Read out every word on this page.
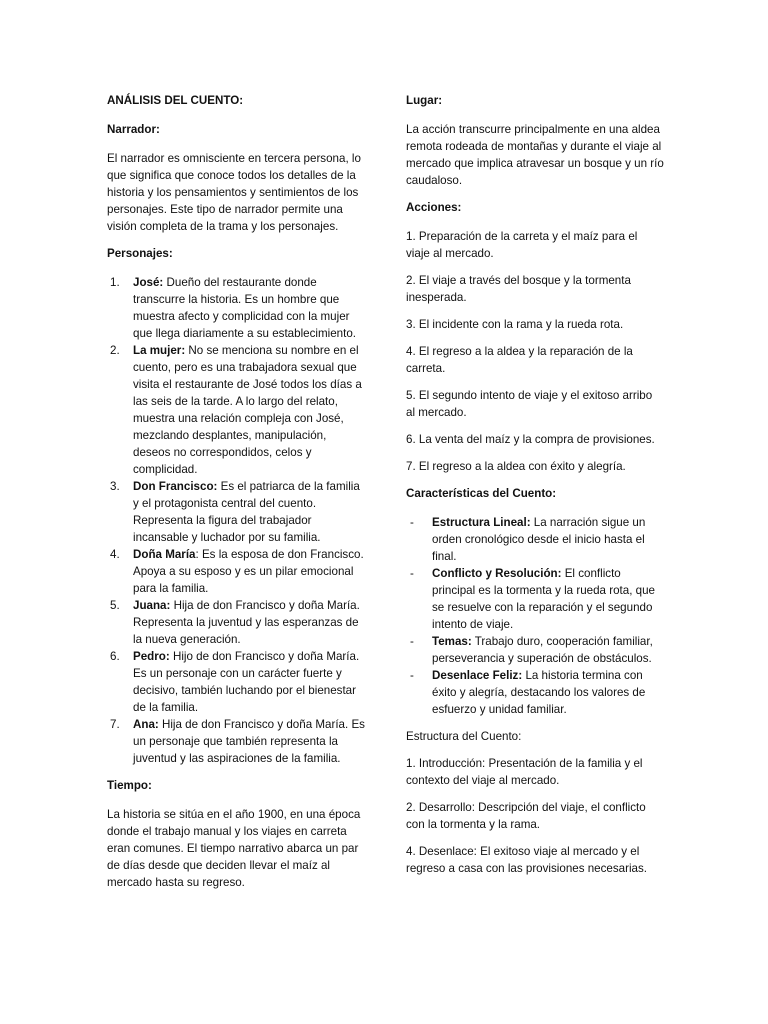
ANÁLISIS DEL CUENTO:
Narrador:
El narrador es omnisciente en tercera persona, lo que significa que conoce todos los detalles de la historia y los pensamientos y sentimientos de los personajes. Este tipo de narrador permite una visión completa de la trama y los personajes.
Personajes:
1. José: Dueño del restaurante donde transcurre la historia. Es un hombre que muestra afecto y complicidad con la mujer que llega diariamente a su establecimiento.
2. La mujer: No se menciona su nombre en el cuento, pero es una trabajadora sexual que visita el restaurante de José todos los días a las seis de la tarde. A lo largo del relato, muestra una relación compleja con José, mezclando desplantes, manipulación, deseos no correspondidos, celos y complicidad.
3. Don Francisco: Es el patriarca de la familia y el protagonista central del cuento. Representa la figura del trabajador incansable y luchador por su familia.
4. Doña María: Es la esposa de don Francisco. Apoya a su esposo y es un pilar emocional para la familia.
5. Juana: Hija de don Francisco y doña María. Representa la juventud y las esperanzas de la nueva generación.
6. Pedro: Hijo de don Francisco y doña María. Es un personaje con un carácter fuerte y decisivo, también luchando por el bienestar de la familia.
7. Ana: Hija de don Francisco y doña María. Es un personaje que también representa la juventud y las aspiraciones de la familia.
Tiempo:
La historia se sitúa en el año 1900, en una época donde el trabajo manual y los viajes en carreta eran comunes. El tiempo narrativo abarca un par de días desde que deciden llevar el maíz al mercado hasta su regreso.
Lugar:
La acción transcurre principalmente en una aldea remota rodeada de montañas y durante el viaje al mercado que implica atravesar un bosque y un río caudaloso.
Acciones:
1. Preparación de la carreta y el maíz para el viaje al mercado.
2. El viaje a través del bosque y la tormenta inesperada.
3. El incidente con la rama y la rueda rota.
4. El regreso a la aldea y la reparación de la carreta.
5. El segundo intento de viaje y el exitoso arribo al mercado.
6. La venta del maíz y la compra de provisiones.
7. El regreso a la aldea con éxito y alegría.
Características del Cuento:
- Estructura Lineal: La narración sigue un orden cronológico desde el inicio hasta el final.
- Conflicto y Resolución: El conflicto principal es la tormenta y la rueda rota, que se resuelve con la reparación y el segundo intento de viaje.
- Temas: Trabajo duro, cooperación familiar, perseverancia y superación de obstáculos.
- Desenlace Feliz: La historia termina con éxito y alegría, destacando los valores de esfuerzo y unidad familiar.
Estructura del Cuento:
1. Introducción: Presentación de la familia y el contexto del viaje al mercado.
2. Desarrollo: Descripción del viaje, el conflicto con la tormenta y la rama.
4. Desenlace: El exitoso viaje al mercado y el regreso a casa con las provisiones necesarias.
